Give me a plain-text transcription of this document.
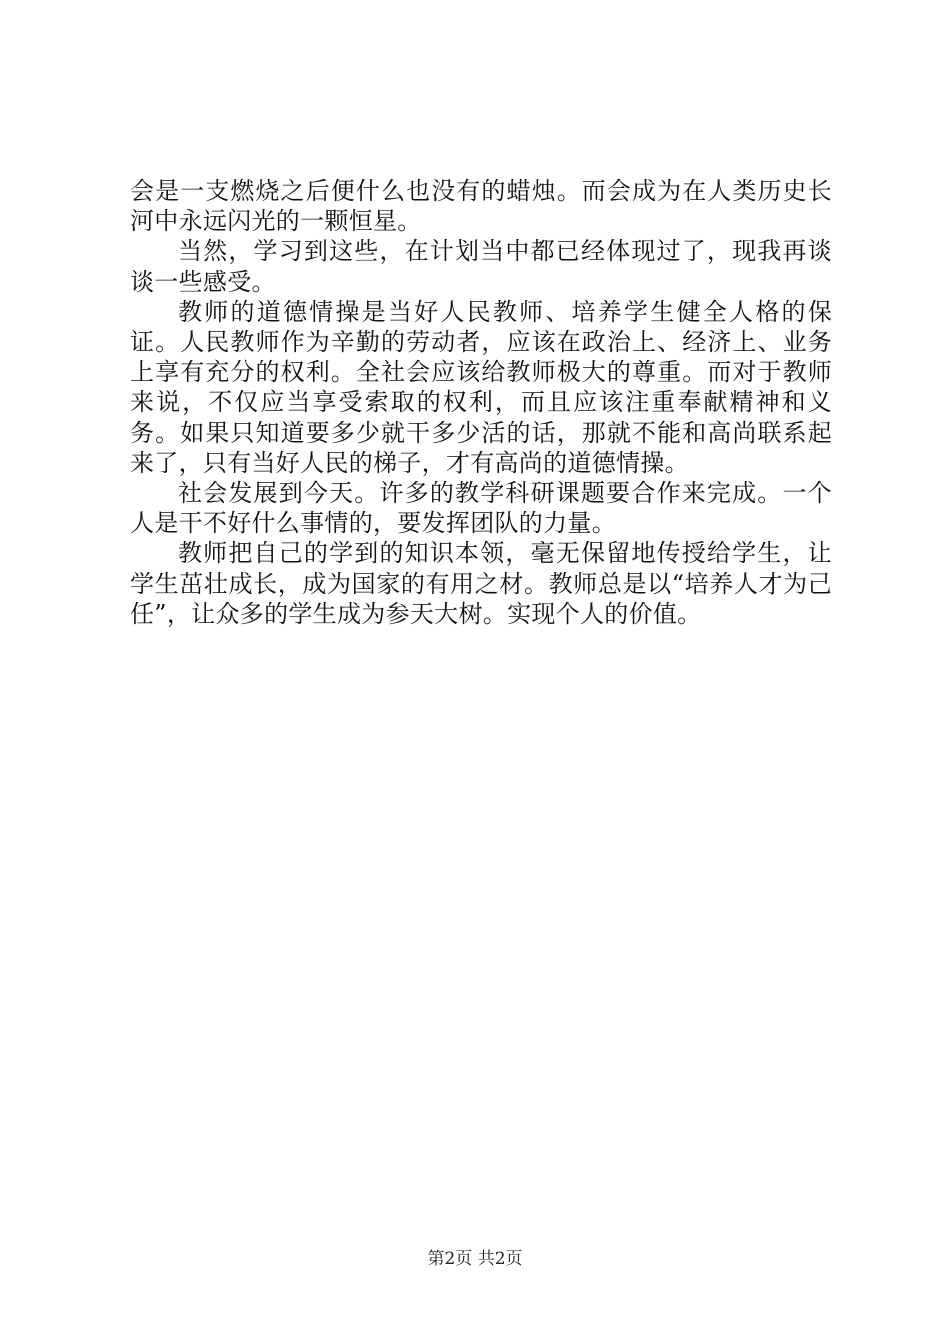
会是一支燃烧之后便什么也没有的蜡烛。而会成为在人类历史长河中永远闪光的一颗恒星。

当然，学习到这些，在计划当中都已经体现过了，现我再谈谈一些感受。

教师的道德情操是当好人民教师、培养学生健全人格的保证。人民教师作为辛勤的劳动者，应该在政治上、经济上、业务上享有充分的权利。全社会应该给教师极大的尊重。而对于教师来说，不仅应当享受索取的权利，而且应该注重奉献精神和义务。如果只知道要多少就干多少活的话，那就不能和高尚联系起来了，只有当好人民的梯子，才有高尚的道德情操。

社会发展到今天。许多的教学科研课题要合作来完成。一个人是干不好什么事情的，要发挥团队的力量。

教师把自己的学到的知识本领，毫无保留地传授给学生，让学生茁壮成长，成为国家的有用之材。教师总是以“培养人才为己任”，让众多的学生成为参天大树。实现个人的价值。

第2页 共2页
